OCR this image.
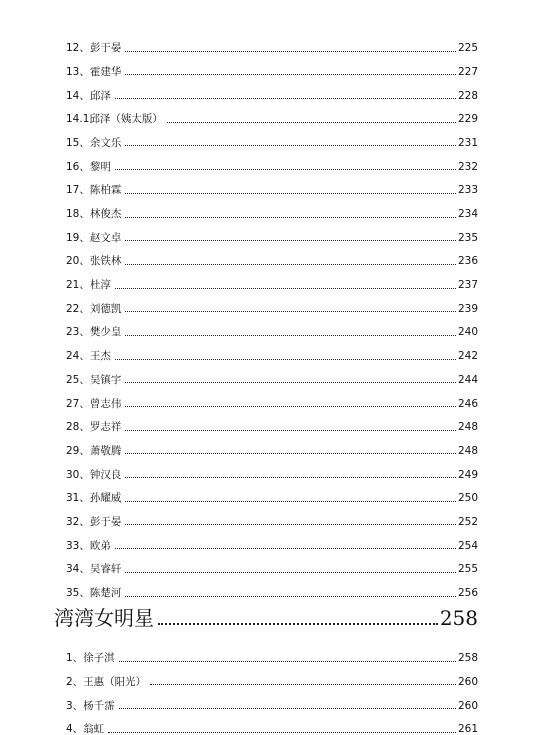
12、彭于晏	225
13、霍建华	227
14、邱泽	228
14.1邱泽（姨太版）	229
15、余文乐	231
16、黎明	232
17、陈柏霖	233
18、林俊杰	234
19、赵文卓	235
20、张铁林	236
21、杜淳	237
22、刘德凯	239
23、樊少皇	240
24、王杰	242
25、吴镇宇	244
27、曾志伟	246
28、罗志祥	248
29、萧敬腾	248
30、钟汉良	249
31、孙耀威	250
32、彭于晏	252
33、欧弟	254
34、吴睿轩	255
35、陈楚河	256
湾湾女明星	258
1、徐子淇	258
2、王惠（阳光）	260
3、杨千霈	260
4、翁虹	261
